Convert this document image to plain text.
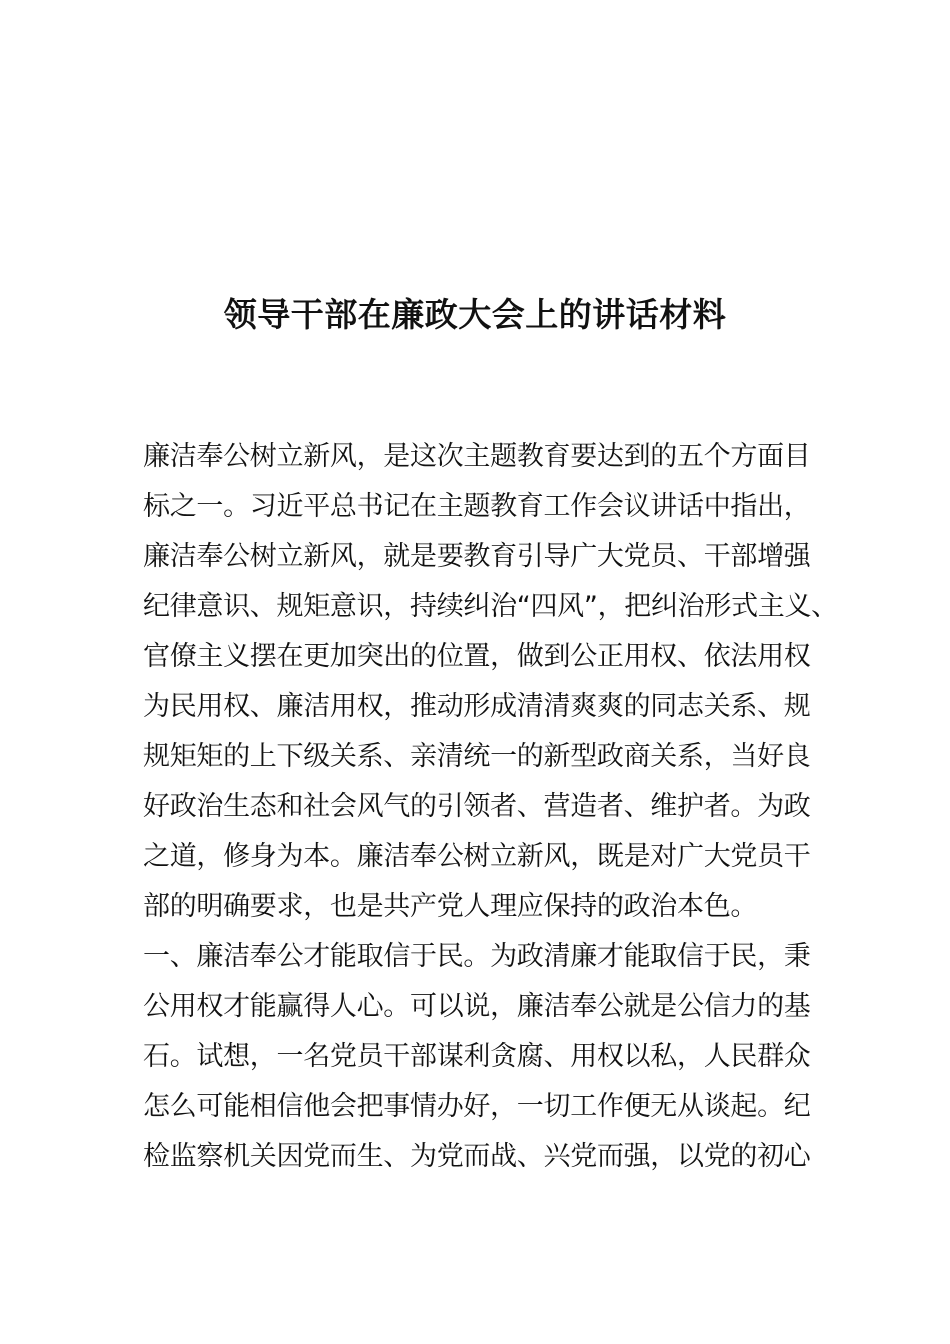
领导干部在廉政大会上的讲话材料
廉洁奉公树立新风，是这次主题教育要达到的五个方面目
标之一。习近平总书记在主题教育工作会议讲话中指出，
廉洁奉公树立新风，就是要教育引导广大党员、干部增强
纪律意识、规矩意识，持续纠治“四风”，把纠治形式主义、
官僚主义摆在更加突出的位置，做到公正用权、依法用权
为民用权、廉洁用权，推动形成清清爽爽的同志关系、规
规矩矩的上下级关系、亲清统一的新型政商关系，当好良
好政治生态和社会风气的引领者、营造者、维护者。为政
之道，修身为本。廉洁奉公树立新风，既是对广大党员干
部的明确要求，也是共产党人理应保持的政治本色。
一、廉洁奉公才能取信于民。为政清廉才能取信于民，秉
公用权才能赢得人心。可以说，廉洁奉公就是公信力的基
石。试想，一名党员干部谋利贪腐、用权以私，人民群众
怎么可能相信他会把事情办好，一切工作便无从谈起。纪
检监察机关因党而生、为党而战、兴党而强，以党的初心
